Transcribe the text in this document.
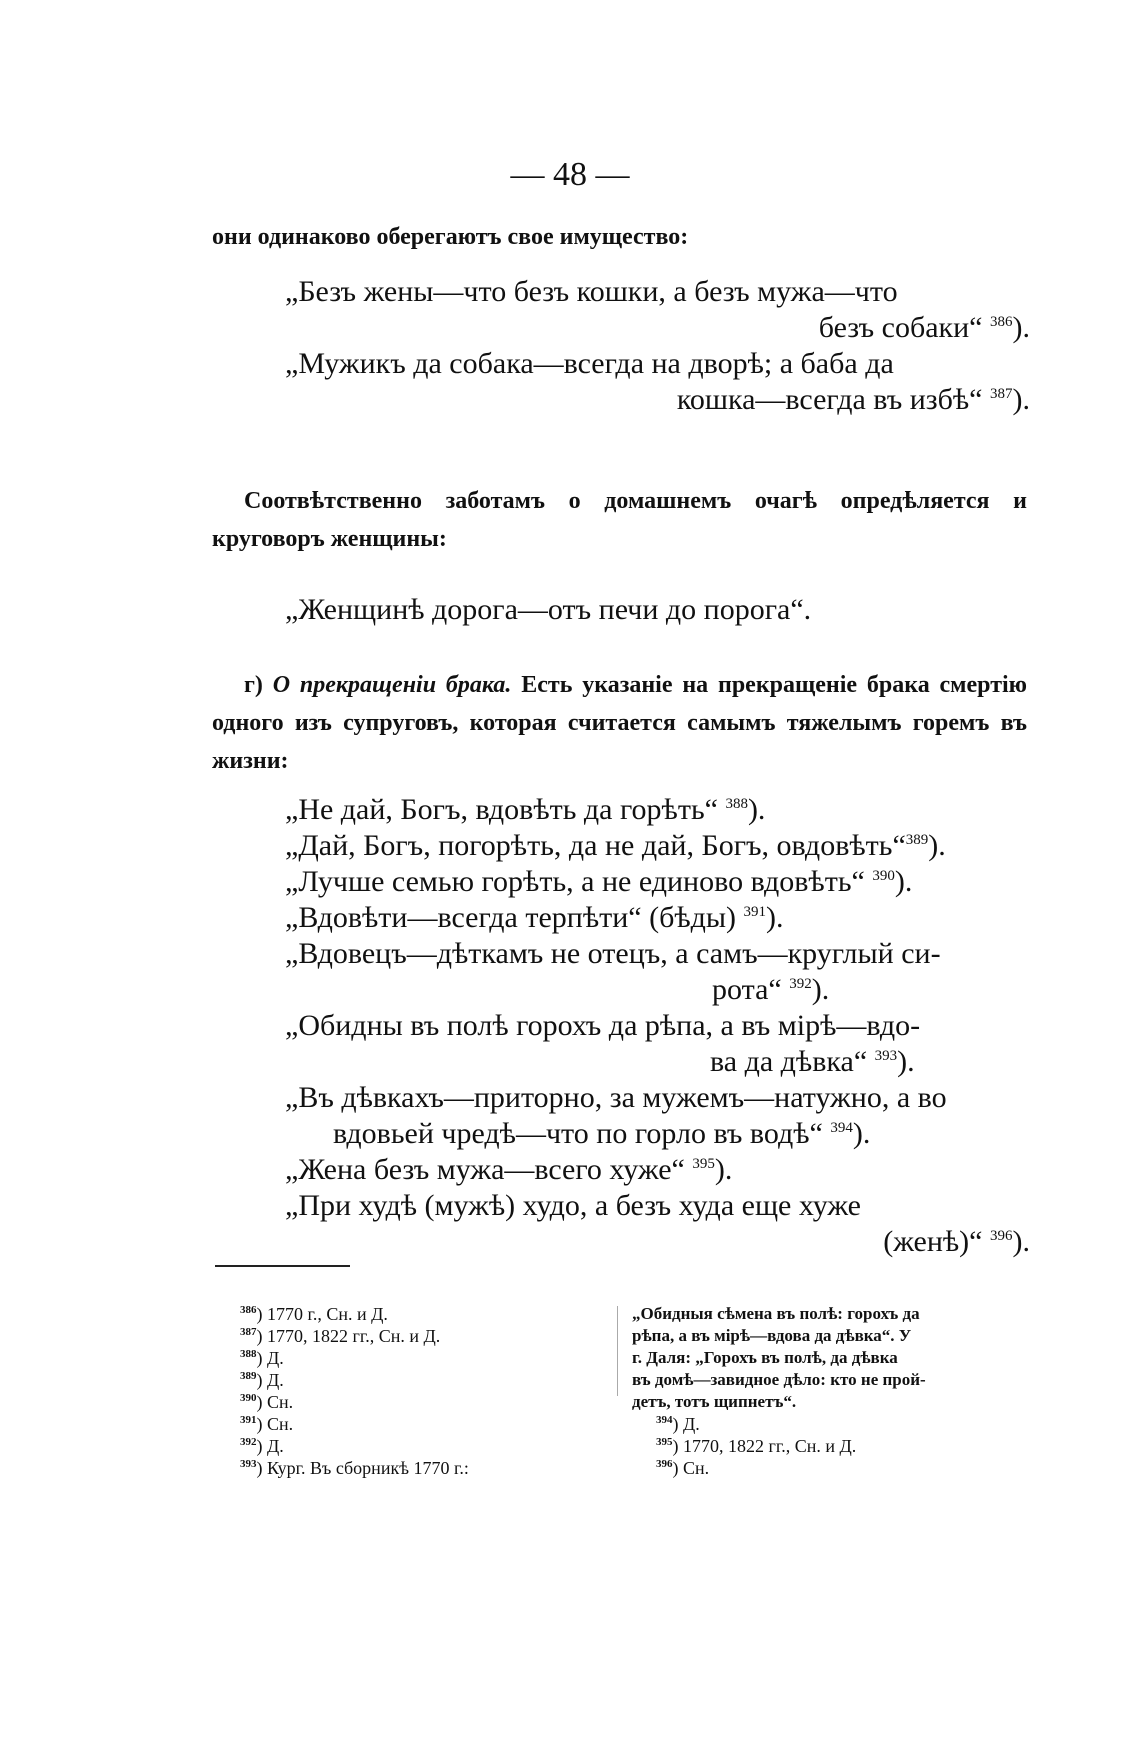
— 48 —
они одинаково оберегаютъ свое имущество:
„Безъ жены—что безъ кошки, а безъ мужа—что
безъ собаки“ $^{386}$).
„Мужикъ да собака—всегда на дворѣ; а баба да
кошка—всегда въ избѣ“ $^{387}$).
Соотвѣтственно заботамъ о домашнемъ очагѣ опредѣляется и круговоръ женщины:
„Женщинѣ дорога—отъ печи до порога“.
г) О прекращеніи брака. Есть указаніе на прекращеніе брака смертію одного изъ супруговъ, которая считается самымъ тяжелымъ горемъ въ жизни:
„Не дай, Богъ, вдовѣть да горѣть“ $^{388}$).
„Дай, Богъ, погорѣть, да не дай, Богъ, овдовѣть“$^{389}$).
„Лучше семью горѣть, а не единово вдовѣть“ $^{390}$).
„Вдовѣти—всегда терпѣти“ (бѣды) $^{391}$).
„Вдовецъ—дѣткамъ не отецъ, а самъ—круглый си-
рота“ $^{392}$).
„Обидны въ полѣ горохъ да рѣпа, а въ мірѣ—вдо-
ва да дѣвка“ $^{393}$).
„Въ дѣвкахъ—приторно, за мужемъ—натужно, а во
вдовьей чредѣ—что по горло въ водѣ“ $^{394}$).
„Жена безъ мужа—всего хуже“ $^{395}$).
„При худѣ (мужѣ) худо, а безъ худа еще хуже
(женѣ)“ $^{396}$).
$^{386}$) 1770 г., Сн. и Д.
$^{387}$) 1770, 1822 гг., Сн. и Д.
$^{388}$) Д.
$^{389}$) Д.
$^{390}$) Сн.
$^{391}$) Сн.
$^{392}$) Д.
$^{393}$) Кург. Въ сборникѣ 1770 г.:
„Обидныя сѣмена въ полѣ: горохъ да
рѣпа, а въ мірѣ—вдова да дѣвка“. У
г. Даля: „Горохъ въ полѣ, да дѣвка
въ домѣ—завидное дѣло: кто не прой-
детъ, тотъ щипнетъ“.
$^{394}$) Д.
$^{395}$) 1770, 1822 гг., Сн. и Д.
$^{396}$) Сн.
